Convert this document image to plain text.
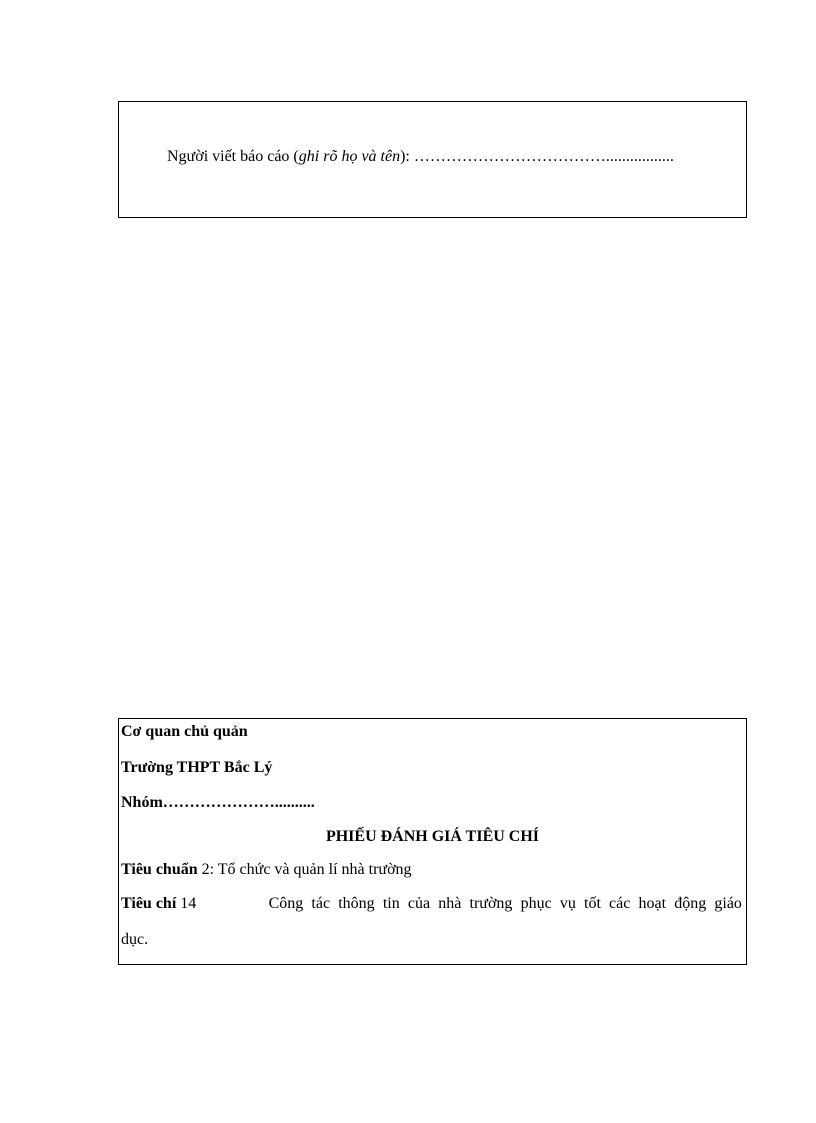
Người viết báo cáo (ghi rõ họ và tên): ……………………………….................
Cơ quan chủ quản
Trường THPT Bắc Lý
Nhóm…………………..........
PHIẾU ĐÁNH GIÁ TIÊU CHÍ
Tiêu chuẩn 2: Tổ chức và quản lí nhà trường
Tiêu chí 14	Công tác thông tin của nhà trường phục vụ tốt các hoạt động giáo
dục.
